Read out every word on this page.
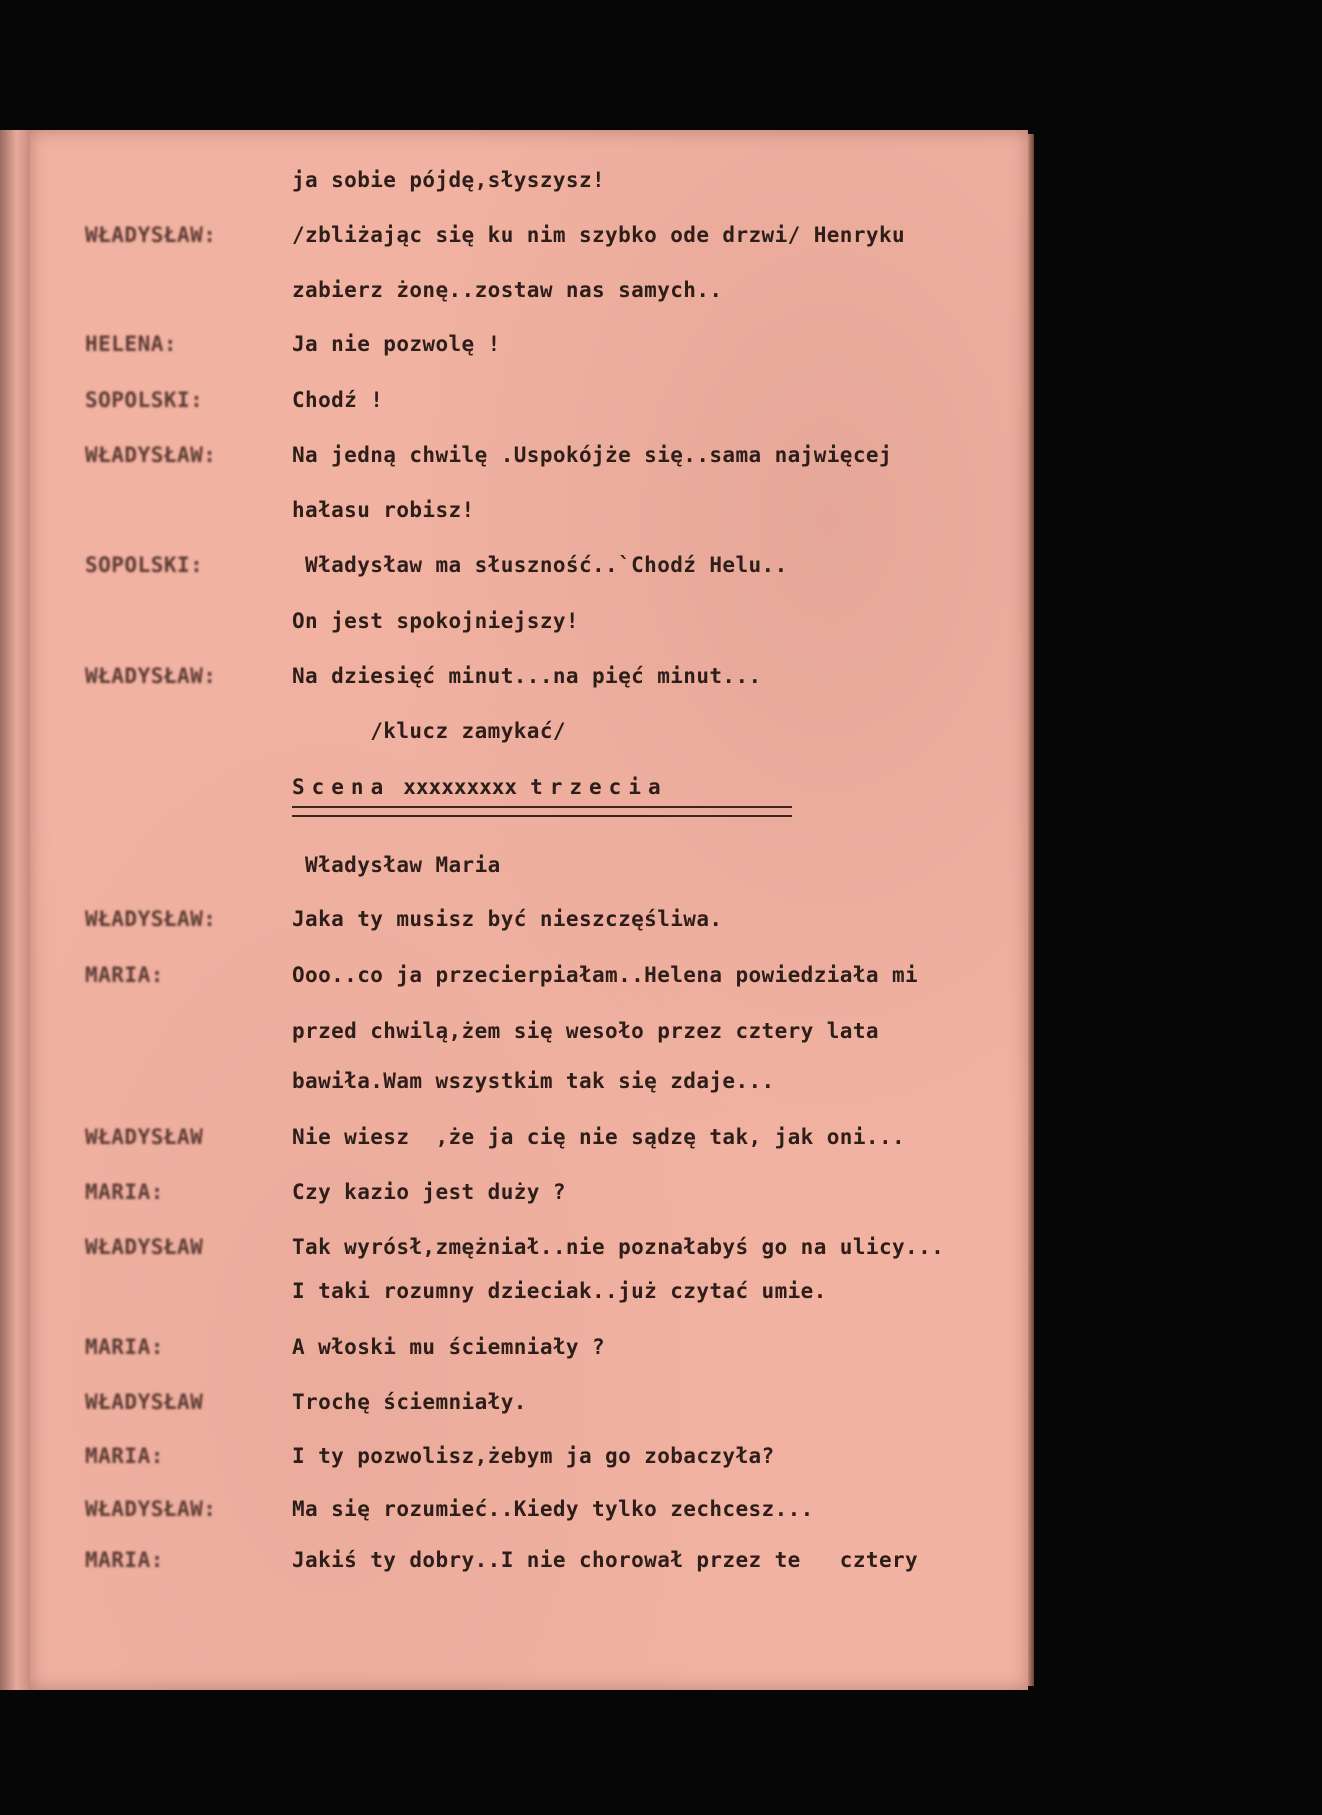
ja sobie pójdę,słyszysz!
WŁADYSŁAW:	/zbliżając się ku nim szybko ode drzwi/ Henryku
zabierz żonę..zostaw nas samych..
HELENA:	Ja nie pozwolę !
SOPOLSKI:	Chodź !
WŁADYSŁAW:	Na jedną chwilę .Uspokójże się..sama najwięcej
hałasu robisz!
SOPOLSKI:	Władysław ma słuszność..`Chodź Helu..
On jest spokojniejszy!
WŁADYSŁAW:	Na dziesięć minut...na pięć minut...
/klucz zamykać/
Scena xxxxxxxxx trzecia
Władysław Maria
WŁADYSŁAW:	Jaka ty musisz być nieszczęśliwa.
MARIA:	Ooo..co ja przecierpiałam..Helena powiedziała mi
przed chwilą,żem się wesoło przez cztery lata
bawiła.Wam wszystkim tak się zdaje...
WŁADYSŁAW	Nie wiesz  ,że ja cię nie sądzę tak, jak oni...
MARIA:	Czy kazio jest duży ?
WŁADYSŁAW	Tak wyrósł,zmężniał..nie poznałabyś go na ulicy...
I taki rozumny dzieciak..już czytać umie.
MARIA:	A włoski mu ściemniały ?
WŁADYSŁAW	Trochę ściemniały.
MARIA:	I ty pozwolisz,żebym ja go zobaczyła?
WŁADYSŁAW:	Ma się rozumieć..Kiedy tylko zechcesz...
MARIA:	Jakiś ty dobry..I nie chorował przez te   cztery
